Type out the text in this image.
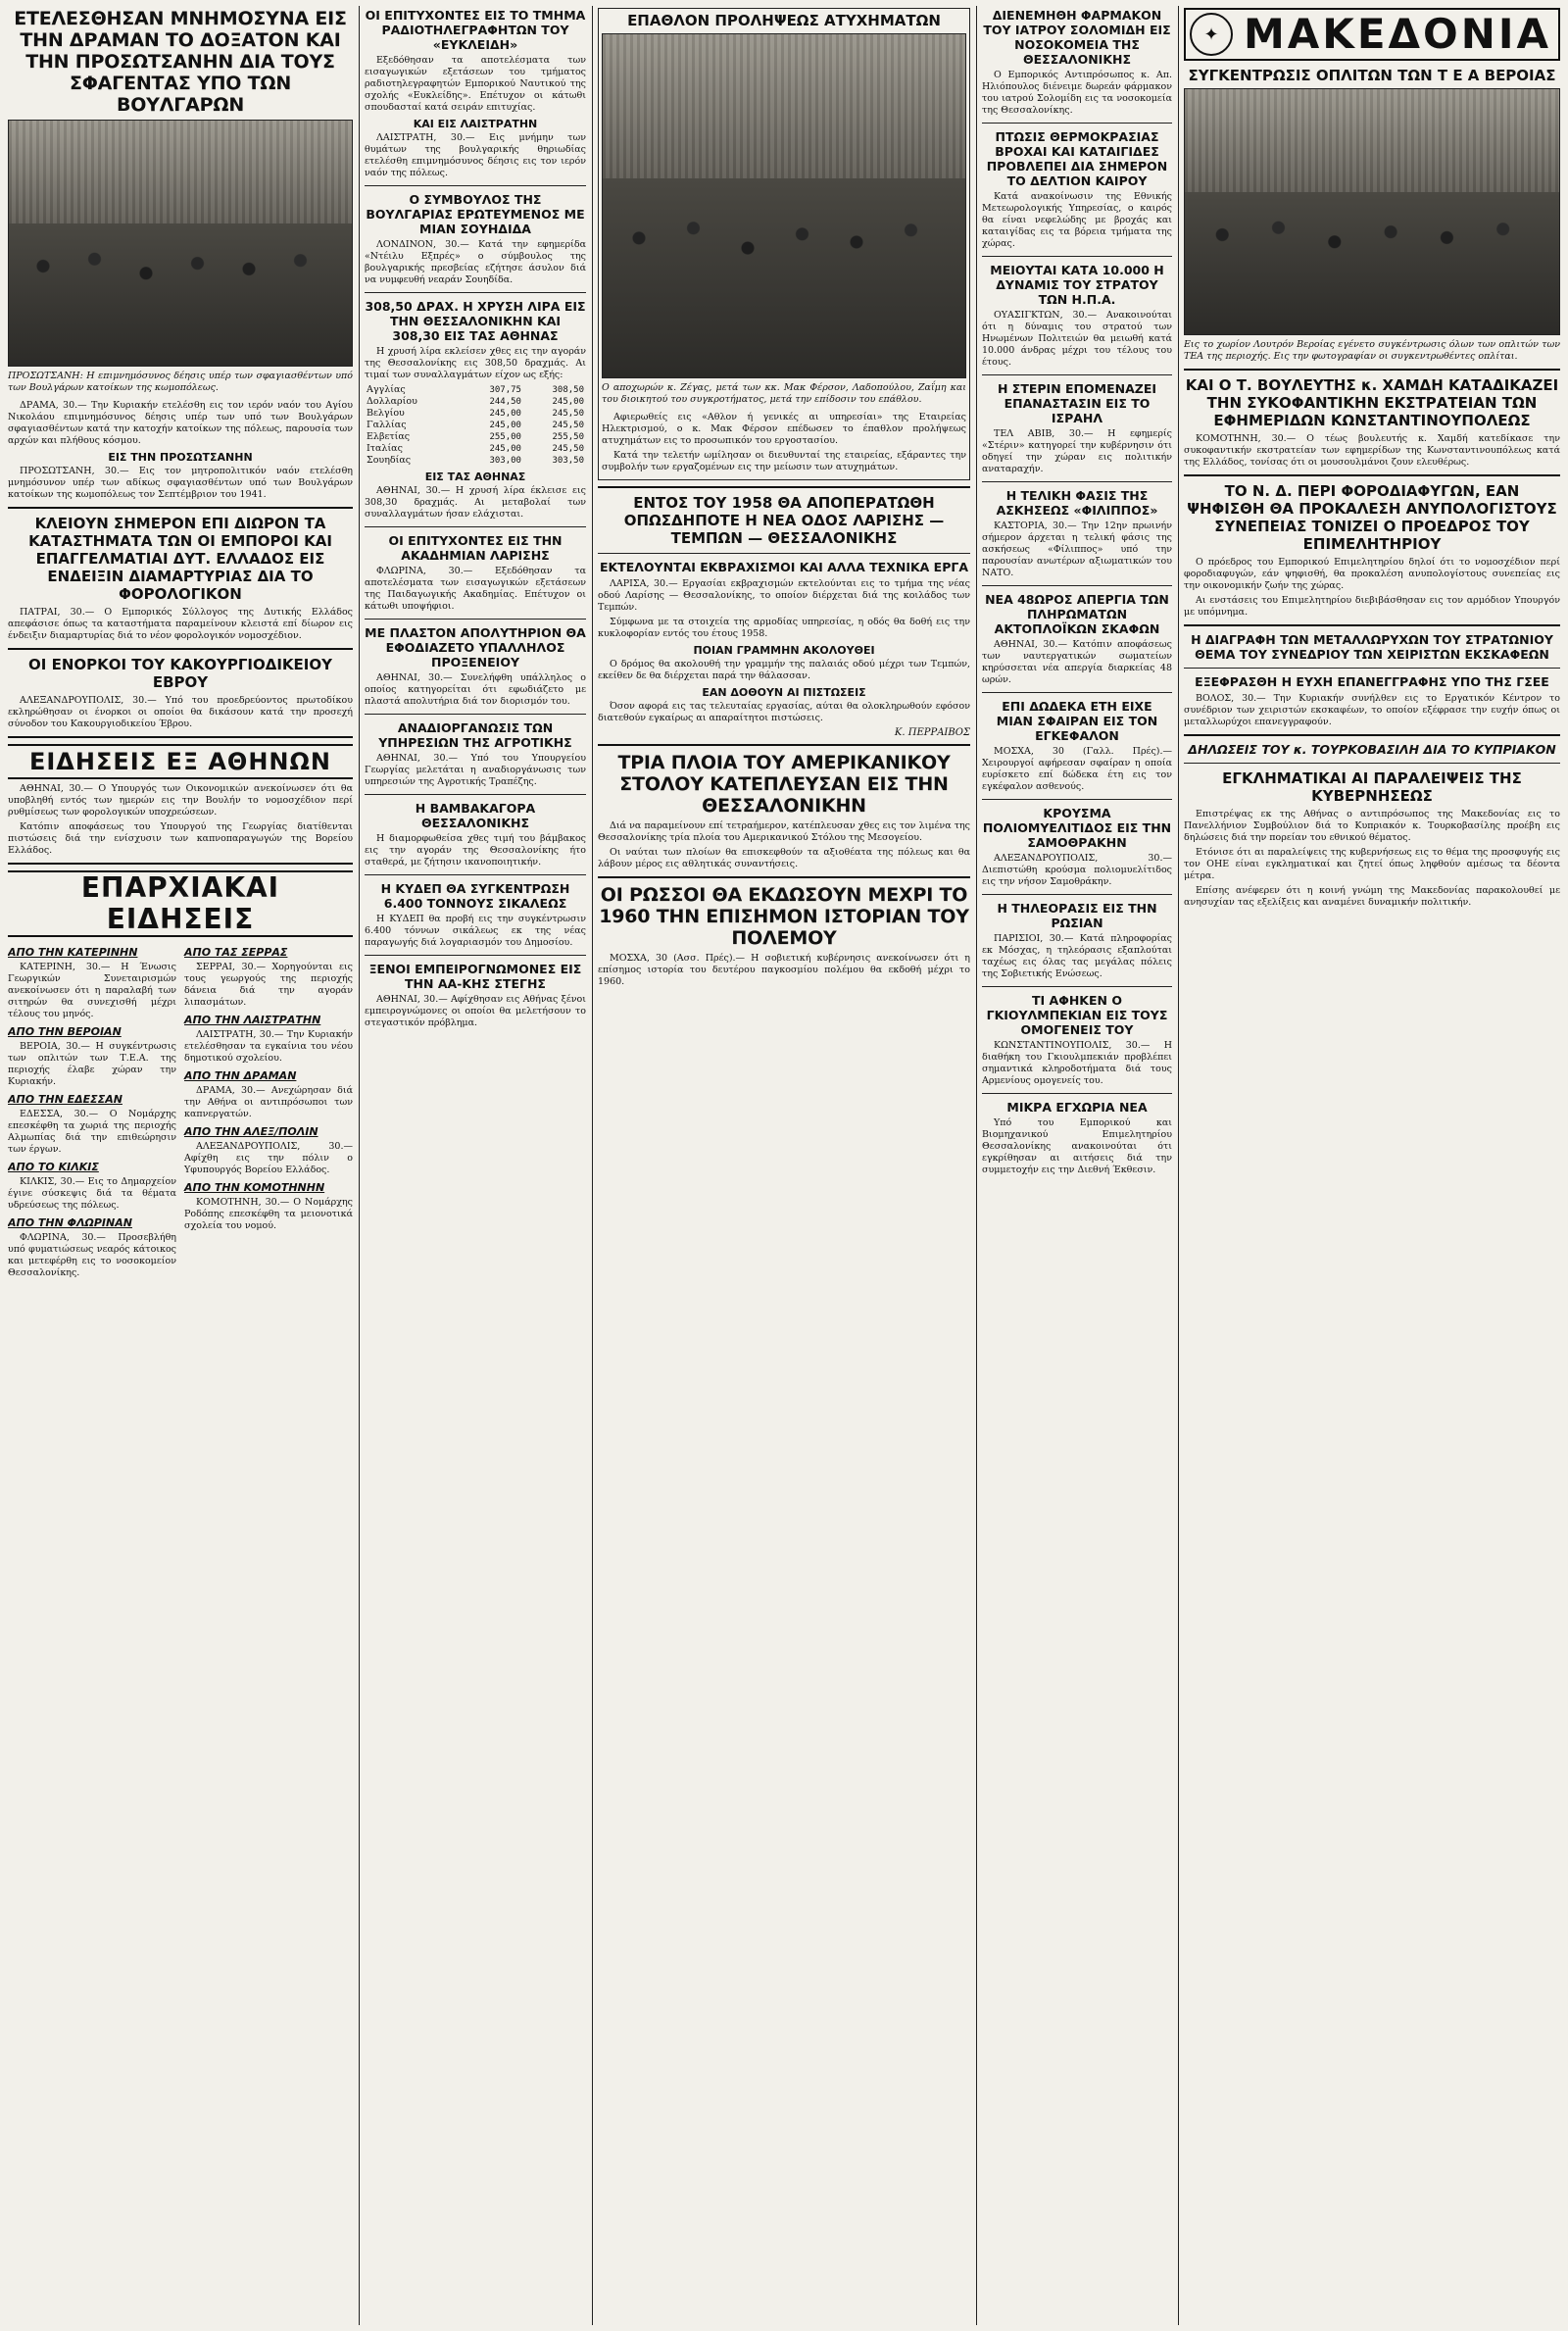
ΕΤΕΛΕΣΘΗΣΑΝ ΜΝΗΜΟΣΥΝΑ ΕΙΣ ΤΗΝ ΔΡΑΜΑΝ ΤΟ ΔΟΞΑΤΟΝ ΚΑΙ ΤΗΝ ΠΡΟΣΩΤΣΑΝΗΝ ΔΙΑ ΤΟΥΣ ΣΦΑΓΕΝΤΑΣ ΥΠΟ ΤΩΝ ΒΟΥΛΓΑΡΩΝ
ΠΡΟΣΩΤΣΑΝΗ: Η επιμνημόσυνος δέησις υπέρ των σφαγιασθέντων υπό των Βουλγάρων κατοίκων της κωμοπόλεως.

ΔΡΑΜΑ, 30.— Την Κυριακήν ετελέσθη εις τον ιερόν ναόν του Αγίου Νικολάου επιμνημόσυνος δέησις υπέρ των υπό των Βουλγάρων σφαγιασθέντων κατά την κατοχήν κατοίκων της πόλεως, παρουσία των αρχών και πλήθους κόσμου.

ΕΙΣ ΤΗΝ ΠΡΟΣΩΤΣΑΝΗΝ

ΠΡΟΣΩΤΣΑΝΗ, 30.— Εις τον μητροπολιτικόν ναόν ετελέσθη μνημόσυνον υπέρ των αδίκως σφαγιασθέντων υπό των Βουλγάρων κατοίκων της κωμοπόλεως τον Σεπτέμβριον του 1941.

ΚΛΕΙΟΥΝ ΣΗΜΕΡΟΝ ΕΠΙ ΔΙΩΡΟΝ ΤΑ ΚΑΤΑΣΤΗΜΑΤΑ ΤΩΝ ΟΙ ΕΜΠΟΡΟΙ ΚΑΙ ΕΠΑΓΓΕΛΜΑΤΙΑΙ ΔΥΤ. ΕΛΛΑΔΟΣ ΕΙΣ ΕΝΔΕΙΞΙΝ ΔΙΑΜΑΡΤΥΡΙΑΣ ΔΙΑ ΤΟ ΦΟΡΟΛΟΓΙΚΟΝ

ΠΑΤΡΑΙ, 30.— Ο Εμπορικός Σύλλογος της Δυτικής Ελλάδος απεφάσισε όπως τα καταστήματα παραμείνουν κλειστά επί δίωρον εις ένδειξιν διαμαρτυρίας διά το νέον φορολογικόν νομοσχέδιον.

ΟΙ ΕΝΟΡΚΟΙ ΤΟΥ ΚΑΚΟΥΡΓΙΟΔΙΚΕΙΟΥ ΕΒΡΟΥ

ΑΛΕΞΑΝΔΡΟΥΠΟΛΙΣ, 30.— Υπό του προεδρεύοντος πρωτοδίκου εκληρώθησαν οι ένορκοι οι οποίοι θα δικάσουν κατά την προσεχή σύνοδον του Κακουργιοδικείου Έβρου.

ΕΙΔΗΣΕΙΣ ΕΞ ΑΘΗΝΩΝ

ΑΘΗΝΑΙ, 30.— Ο Υπουργός των Οικονομικών ανεκοίνωσεν ότι θα υποβληθή εντός των ημερών εις την Βουλήν το νομοσχέδιον περί ρυθμίσεως των φορολογικών υποχρεώσεων.

Κατόπιν αποφάσεως του Υπουργού της Γεωργίας διατίθενται πιστώσεις διά την ενίσχυσιν των καπνοπαραγωγών της Βορείου Ελλάδος.

ΕΠΑΡΧΙΑΚΑΙ ΕΙΔΗΣΕΙΣ
ΑΠΟ ΤΗΝ ΚΑΤΕΡΙΝΗΝ

ΚΑΤΕΡΙΝΗ, 30.— Η Ένωσις Γεωργικών Συνεταιρισμών ανεκοίνωσεν ότι η παραλαβή των σιτηρών θα συνεχισθή μέχρι τέλους του μηνός.

ΑΠΟ ΤΗΝ ΒΕΡΟΙΑΝ

ΒΕΡΟΙΑ, 30.— Η συγκέντρωσις των οπλιτών των Τ.Ε.Α. της περιοχής έλαβε χώραν την Κυριακήν.

ΑΠΟ ΤΗΝ ΕΔΕΣΣΑΝ

ΕΔΕΣΣΑ, 30.— Ο Νομάρχης επεσκέφθη τα χωριά της περιοχής Αλμωπίας διά την επιθεώρησιν των έργων.

ΑΠΟ ΤΟ ΚΙΛΚΙΣ

ΚΙΛΚΙΣ, 30.— Εις το Δημαρχείον έγινε σύσκεψις διά τα θέματα υδρεύσεως της πόλεως.

ΑΠΟ ΤΗΝ ΦΛΩΡΙΝΑΝ

ΦΛΩΡΙΝΑ, 30.— Προσεβλήθη υπό φυματιώσεως νεαρός κάτοικος και μετεφέρθη εις το νοσοκομείον Θεσσαλονίκης.

ΑΠΟ ΤΑΣ ΣΕΡΡΑΣ

ΣΕΡΡΑΙ, 30.— Χορηγούνται εις τους γεωργούς της περιοχής δάνεια διά την αγοράν λιπασμάτων.

ΑΠΟ ΤΗΝ ΛΑΙΣΤΡΑΤΗΝ

ΛΑΙΣΤΡΑΤΗ, 30.— Την Κυριακήν ετελέσθησαν τα εγκαίνια του νέου δημοτικού σχολείου.

ΑΠΟ ΤΗΝ ΔΡΑΜΑΝ

ΔΡΑΜΑ, 30.— Ανεχώρησαν διά την Αθήνα οι αντιπρόσωποι των καπνεργατών.

ΑΠΟ ΤΗΝ ΑΛΕΞ/ΠΟΛΙΝ

ΑΛΕΞΑΝΔΡΟΥΠΟΛΙΣ, 30.— Αφίχθη εις την πόλιν ο Υφυπουργός Βορείου Ελλάδος.

ΑΠΟ ΤΗΝ ΚΟΜΟΤΗΝΗΝ

ΚΟΜΟΤΗΝΗ, 30.— Ο Νομάρχης Ροδόπης επεσκέφθη τα μειονοτικά σχολεία του νομού.

ΟΙ ΕΠΙΤΥΧΟΝΤΕΣ ΕΙΣ ΤΟ ΤΜΗΜΑ ΡΑΔΙΟΤΗΛΕΓΡΑΦΗΤΩΝ ΤΟΥ «ΕΥΚΛΕΙΔΗ»

Εξεδόθησαν τα αποτελέσματα των εισαγωγικών εξετάσεων του τμήματος ραδιοτηλεγραφητών Εμπορικού Ναυτικού της σχολής «Ευκλείδης». Επέτυχον οι κάτωθι σπουδασταί κατά σειράν επιτυχίας.

ΚΑΙ ΕΙΣ ΛΑΙΣΤΡΑΤΗΝ

ΛΑΙΣΤΡΑΤΗ, 30.— Εις μνήμην των θυμάτων της βουλγαρικής θηριωδίας ετελέσθη επιμνημόσυνος δέησις εις τον ιερόν ναόν της πόλεως.

Ο ΣΥΜΒΟΥΛΟΣ ΤΗΣ ΒΟΥΛΓΑΡΙΑΣ ΕΡΩΤΕΥΜΕΝΟΣ ΜΕ ΜΙΑΝ ΣΟΥΗΔΙΔΑ

ΛΟΝΔΙΝΟΝ, 30.— Κατά την εφημερίδα «Ντέιλυ Εξπρές» ο σύμβουλος της βουλγαρικής πρεσβείας εζήτησε άσυλον διά να νυμφευθή νεαράν Σουηδίδα.

308,50 ΔΡΑΧ. Η ΧΡΥΣΗ ΛΙΡΑ ΕΙΣ ΤΗΝ ΘΕΣΣΑΛΟΝΙΚΗΝ ΚΑΙ 308,30 ΕΙΣ ΤΑΣ ΑΘΗΝΑΣ

Η χρυσή λίρα εκλείσεν χθες εις την αγοράν της Θεσσαλονίκης εις 308,50 δραχμάς. Αι τιμαί των συναλλαγμάτων είχον ως εξής:

Αγγλίας	307,75	308,50
Δολλαρίου	244,50	245,00
Βελγίου	245,00	245,50
Γαλλίας	245,00	245,50
Ελβετίας	255,00	255,50
Ιταλίας	245,00	245,50
Σουηδίας	303,00	303,50
ΕΙΣ ΤΑΣ ΑΘΗΝΑΣ

ΑΘΗΝΑΙ, 30.— Η χρυσή λίρα έκλεισε εις 308,30 δραχμάς. Αι μεταβολαί των συναλλαγμάτων ήσαν ελάχισται.

ΟΙ ΕΠΙΤΥΧΟΝΤΕΣ ΕΙΣ ΤΗΝ ΑΚΑΔΗΜΙΑΝ ΛΑΡΙΣΗΣ

ΦΛΩΡΙΝΑ, 30.— Εξεδόθησαν τα αποτελέσματα των εισαγωγικών εξετάσεων της Παιδαγωγικής Ακαδημίας. Επέτυχον οι κάτωθι υποψήφιοι.

ΜΕ ΠΛΑΣΤΟΝ ΑΠΟΛΥΤΗΡΙΟΝ ΘΑ ΕΦΟΔΙΑΖΕΤΟ ΥΠΑΛΛΗΛΟΣ ΠΡΟΞΕΝΕΙΟΥ

ΑΘΗΝΑΙ, 30.— Συνελήφθη υπάλληλος ο οποίος κατηγορείται ότι εφωδιάζετο με πλαστά απολυτήρια διά τον διορισμόν του.

ΑΝΑΔΙΟΡΓΑΝΩΣΙΣ ΤΩΝ ΥΠΗΡΕΣΙΩΝ ΤΗΣ ΑΓΡΟΤΙΚΗΣ

ΑΘΗΝΑΙ, 30.— Υπό του Υπουργείου Γεωργίας μελετάται η αναδιοργάνωσις των υπηρεσιών της Αγροτικής Τραπέζης.

Η ΒΑΜΒΑΚΑΓΟΡΑ ΘΕΣΣΑΛΟΝΙΚΗΣ

Η διαμορφωθείσα χθες τιμή του βάμβακος εις την αγοράν της Θεσσαλονίκης ήτο σταθερά, με ζήτησιν ικανοποιητικήν.

Η ΚΥΔΕΠ ΘΑ ΣΥΓΚΕΝΤΡΩΣΗ 6.400 ΤΟΝΝΟΥΣ ΣΙΚΑΛΕΩΣ

Η ΚΥΔΕΠ θα προβή εις την συγκέντρωσιν 6.400 τόννων σικάλεως εκ της νέας παραγωγής διά λογαριασμόν του Δημοσίου.

ΞΕΝΟΙ ΕΜΠΕΙΡΟΓΝΩΜΟΝΕΣ ΕΙΣ ΤΗΝ ΑΑ-ΚΗΣ ΣΤΕΓΗΣ

ΑΘΗΝΑΙ, 30.— Αφίχθησαν εις Αθήνας ξένοι εμπειρογνώμονες οι οποίοι θα μελετήσουν το στεγαστικόν πρόβλημα.

ΕΠΑΘΛΟΝ ΠΡΟΛΗΨΕΩΣ ΑΤΥΧΗΜΑΤΩΝ
Ο αποχωρών κ. Ζέγας, μετά των κκ. Μακ Φέρσον, Λαδοπούλου, Ζαΐμη και του διοικητού του συγκροτήματος, μετά την επίδοσιν του επάθλου.

Αφιερωθείς εις «Αθλον ή γενικές αι υπηρεσίαι» της Εταιρείας Ηλεκτρισμού, ο κ. Μακ Φέρσον επέδωσεν το έπαθλον προλήψεως ατυχημάτων εις το προσωπικόν του εργοστασίου.

Κατά την τελετήν ωμίλησαν οι διευθυνταί της εταιρείας, εξάραντες την συμβολήν των εργαζομένων εις την μείωσιν των ατυχημάτων.

ΕΝΤΟΣ ΤΟΥ 1958 ΘΑ ΑΠΟΠΕΡΑΤΩΘΗ ΟΠΩΣΔΗΠΟΤΕ Η ΝΕΑ ΟΔΟΣ ΛΑΡΙΣΗΣ — ΤΕΜΠΩΝ — ΘΕΣΣΑΛΟΝΙΚΗΣ
ΕΚΤΕΛΟΥΝΤΑΙ ΕΚΒΡΑΧΙΣΜΟΙ ΚΑΙ ΑΛΛΑ ΤΕΧΝΙΚΑ ΕΡΓΑ

ΛΑΡΙΣΑ, 30.— Εργασίαι εκβραχισμών εκτελούνται εις το τμήμα της νέας οδού Λαρίσης — Θεσσαλονίκης, το οποίον διέρχεται διά της κοιλάδος των Τεμπών.

Σύμφωνα με τα στοιχεία της αρμοδίας υπηρεσίας, η οδός θα δοθή εις την κυκλοφορίαν εντός του έτους 1958.

ΠΟΙΑΝ ΓΡΑΜΜΗΝ ΑΚΟΛΟΥΘΕΙ

Ο δρόμος θα ακολουθή την γραμμήν της παλαιάς οδού μέχρι των Τεμπών, εκείθεν δε θα διέρχεται παρά την θάλασσαν.

ΕΑΝ ΔΟΘΟΥΝ ΑΙ ΠΙΣΤΩΣΕΙΣ

Όσον αφορά εις τας τελευταίας εργασίας, αύται θα ολοκληρωθούν εφόσον διατεθούν εγκαίρως αι απαραίτητοι πιστώσεις.

Κ. ΠΕΡΡΑΙΒΟΣ
ΤΡΙΑ ΠΛΟΙΑ ΤΟΥ ΑΜΕΡΙΚΑΝΙΚΟΥ ΣΤΟΛΟΥ ΚΑΤΕΠΛΕΥΣΑΝ ΕΙΣ ΤΗΝ ΘΕΣΣΑΛΟΝΙΚΗΝ

Διά να παραμείνουν επί τετραήμερον, κατέπλευσαν χθες εις τον λιμένα της Θεσσαλονίκης τρία πλοία του Αμερικανικού Στόλου της Μεσογείου.

Οι ναύται των πλοίων θα επισκεφθούν τα αξιοθέατα της πόλεως και θα λάβουν μέρος εις αθλητικάς συναντήσεις.

ΟΙ ΡΩΣΣΟΙ ΘΑ ΕΚΔΩΣΟΥΝ ΜΕΧΡΙ ΤΟ 1960 ΤΗΝ ΕΠΙΣΗΜΟΝ ΙΣΤΟΡΙΑΝ ΤΟΥ ΠΟΛΕΜΟΥ

ΜΟΣΧΑ, 30 (Ασσ. Πρές).— Η σοβιετική κυβέρνησις ανεκοίνωσεν ότι η επίσημος ιστορία του δευτέρου παγκοσμίου πολέμου θα εκδοθή μέχρι το 1960.

ΔΙΕΝΕΜΗΘΗ ΦΑΡΜΑΚΟΝ ΤΟΥ ΙΑΤΡΟΥ ΣΟΛΟΜΙΔΗ ΕΙΣ ΝΟΣΟΚΟΜΕΙΑ ΤΗΣ ΘΕΣΣΑΛΟΝΙΚΗΣ

Ο Εμπορικός Αντιπρόσωπος κ. Απ. Ηλιόπουλος διένειμε δωρεάν φάρμακον του ιατρού Σολομίδη εις τα νοσοκομεία της Θεσσαλονίκης.

ΠΤΩΣΙΣ ΘΕΡΜΟΚΡΑΣΙΑΣ ΒΡΟΧΑΙ ΚΑΙ ΚΑΤΑΙΓΙΔΕΣ ΠΡΟΒΛΕΠΕΙ ΔΙΑ ΣΗΜΕΡΟΝ ΤΟ ΔΕΛΤΙΟΝ ΚΑΙΡΟΥ

Κατά ανακοίνωσιν της Εθνικής Μετεωρολογικής Υπηρεσίας, ο καιρός θα είναι νεφελώδης με βροχάς και καταιγίδας εις τα βόρεια τμήματα της χώρας.

ΜΕΙΟΥΤΑΙ ΚΑΤΑ 10.000 Η ΔΥΝΑΜΙΣ ΤΟΥ ΣΤΡΑΤΟΥ ΤΩΝ Η.Π.Α.

ΟΥΑΣΙΓΚΤΩΝ, 30.— Ανακοινούται ότι η δύναμις του στρατού των Ηνωμένων Πολιτειών θα μειωθή κατά 10.000 άνδρας μέχρι του τέλους του έτους.

Η ΣΤΕΡΙΝ ΕΠΟΜΕΝΑΖΕΙ ΕΠΑΝΑΣΤΑΣΙΝ ΕΙΣ ΤΟ ΙΣΡΑΗΛ

ΤΕΛ ΑΒΙΒ, 30.— Η εφημερίς «Στέριν» κατηγορεί την κυβέρνησιν ότι οδηγεί την χώραν εις πολιτικήν αναταραχήν.

Η ΤΕΛΙΚΗ ΦΑΣΙΣ ΤΗΣ ΑΣΚΗΣΕΩΣ «ΦΙΛΙΠΠΟΣ»

ΚΑΣΤΟΡΙΑ, 30.— Την 12ην πρωινήν σήμερον άρχεται η τελική φάσις της ασκήσεως «Φίλιππος» υπό την παρουσίαν ανωτέρων αξιωματικών του ΝΑΤΟ.

ΝΕΑ 48ΩΡΟΣ ΑΠΕΡΓΙΑ ΤΩΝ ΠΛΗΡΩΜΑΤΩΝ ΑΚΤΟΠΛΟΪΚΩΝ ΣΚΑΦΩΝ

ΑΘΗΝΑΙ, 30.— Κατόπιν αποφάσεως των ναυτεργατικών σωματείων κηρύσσεται νέα απεργία διαρκείας 48 ωρών.

ΕΠΙ ΔΩΔΕΚΑ ΕΤΗ ΕΙΧΕ ΜΙΑΝ ΣΦΑΙΡΑΝ ΕΙΣ ΤΟΝ ΕΓΚΕΦΑΛΟΝ

ΜΟΣΧΑ, 30 (Γαλλ. Πρές).— Χειρουργοί αφήρεσαν σφαίραν η οποία ευρίσκετο επί δώδεκα έτη εις τον εγκέφαλον ασθενούς.

ΚΡΟΥΣΜΑ ΠΟΛΙΟΜΥΕΛΙΤΙΔΟΣ ΕΙΣ ΤΗΝ ΣΑΜΟΘΡΑΚΗΝ

ΑΛΕΞΑΝΔΡΟΥΠΟΛΙΣ, 30.— Διεπιστώθη κρούσμα πολιομυελίτιδος εις την νήσον Σαμοθράκην.

Η ΤΗΛΕΟΡΑΣΙΣ ΕΙΣ ΤΗΝ ΡΩΣΙΑΝ

ΠΑΡΙΣΙΟΙ, 30.— Κατά πληροφορίας εκ Μόσχας, η τηλεόρασις εξαπλούται ταχέως εις όλας τας μεγάλας πόλεις της Σοβιετικής Ενώσεως.

ΤΙ ΑΦΗΚΕΝ Ο ΓΚΙΟΥΛΜΠΕΚΙΑΝ ΕΙΣ ΤΟΥΣ ΟΜΟΓΕΝΕΙΣ ΤΟΥ

ΚΩΝΣΤΑΝΤΙΝΟΥΠΟΛΙΣ, 30.— Η διαθήκη του Γκιουλμπεκιάν προβλέπει σημαντικά κληροδοτήματα διά τους Αρμενίους ομογενείς του.

ΜΙΚΡΑ ΕΓΧΩΡΙΑ ΝΕΑ

Υπό του Εμπορικού και Βιομηχανικού Επιμελητηρίου Θεσσαλονίκης ανακοινούται ότι εγκρίθησαν αι αιτήσεις διά την συμμετοχήν εις την Διεθνή Έκθεσιν.

✦ ΜΑΚΕΔΟΝΙΑ
ΣΥΓΚΕΝΤΡΩΣΙΣ ΟΠΛΙΤΩΝ ΤΩΝ Τ Ε Α ΒΕΡΟΙΑΣ
Εις το χωρίον Λουτρόν Βεροίας εγένετο συγκέντρωσις όλων των οπλιτών των ΤΕΑ της περιοχής. Εις την φωτογραφίαν οι συγκεντρωθέντες οπλίται.
ΚΑΙ Ο Τ. ΒΟΥΛΕΥΤΗΣ κ. ΧΑΜΔΗ ΚΑΤΑΔΙΚΑΖΕΙ ΤΗΝ ΣΥΚΟΦΑΝΤΙΚΗΝ ΕΚΣΤΡΑΤΕΙΑΝ ΤΩΝ ΕΦΗΜΕΡΙΔΩΝ ΚΩΝΣΤΑΝΤΙΝΟΥΠΟΛΕΩΣ

ΚΟΜΟΤΗΝΗ, 30.— Ο τέως βουλευτής κ. Χαμδή κατεδίκασε την συκοφαντικήν εκστρατείαν των εφημερίδων της Κωνσταντινουπόλεως κατά της Ελλάδος, τονίσας ότι οι μουσουλμάνοι ζουν ελευθέρως.

ΤΟ Ν. Δ. ΠΕΡΙ ΦΟΡΟΔΙΑΦΥΓΩΝ, ΕΑΝ ΨΗΦΙΣΘΗ ΘΑ ΠΡΟΚΑΛΕΣΗ ΑΝΥΠΟΛΟΓΙΣΤΟΥΣ ΣΥΝΕΠΕΙΑΣ ΤΟΝΙΖΕΙ Ο ΠΡΟΕΔΡΟΣ ΤΟΥ ΕΠΙΜΕΛΗΤΗΡΙΟΥ

Ο πρόεδρος του Εμπορικού Επιμελητηρίου δηλοί ότι το νομοσχέδιον περί φοροδιαφυγών, εάν ψηφισθή, θα προκαλέση ανυπολογίστους συνεπείας εις την οικονομικήν ζωήν της χώρας.

Αι ενστάσεις του Επιμελητηρίου διεβιβάσθησαν εις τον αρμόδιον Υπουργόν με υπόμνημα.

Η ΔΙΑΓΡΑΦΗ ΤΩΝ ΜΕΤΑΛΛΩΡΥΧΩΝ ΤΟΥ ΣΤΡΑΤΩΝΙΟΥ ΘΕΜΑ ΤΟΥ ΣΥΝΕΔΡΙΟΥ ΤΩΝ ΧΕΙΡΙΣΤΩΝ ΕΚΣΚΑΦΕΩΝ
ΕΞΕΦΡΑΣΘΗ Η ΕΥΧΗ ΕΠΑΝΕΓΓΡΑΦΗΣ ΥΠΟ ΤΗΣ ΓΣΕΕ

ΒΟΛΟΣ, 30.— Την Κυριακήν συνήλθεν εις το Εργατικόν Κέντρον το συνέδριον των χειριστών εκσκαφέων, το οποίον εξέφρασε την ευχήν όπως οι μεταλλωρύχοι επανεγγραφούν.

ΔΗΛΩΣΕΙΣ ΤΟΥ κ. ΤΟΥΡΚΟΒΑΣΙΛΗ ΔΙΑ ΤΟ ΚΥΠΡΙΑΚΟΝ
ΕΓΚΛΗΜΑΤΙΚΑΙ ΑΙ ΠΑΡΑΛΕΙΨΕΙΣ ΤΗΣ ΚΥΒΕΡΝΗΣΕΩΣ

Επιστρέψας εκ της Αθήνας ο αντιπρόσωπος της Μακεδονίας εις το Πανελλήνιον Συμβούλιον διά το Κυπριακόν κ. Τουρκοβασίλης προέβη εις δηλώσεις διά την πορείαν του εθνικού θέματος.

Ετόνισε ότι αι παραλείψεις της κυβερνήσεως εις το θέμα της προσφυγής εις τον ΟΗΕ είναι εγκληματικαί και ζητεί όπως ληφθούν αμέσως τα δέοντα μέτρα.

Επίσης ανέφερεν ότι η κοινή γνώμη της Μακεδονίας παρακολουθεί με ανησυχίαν τας εξελίξεις και αναμένει δυναμικήν πολιτικήν.
